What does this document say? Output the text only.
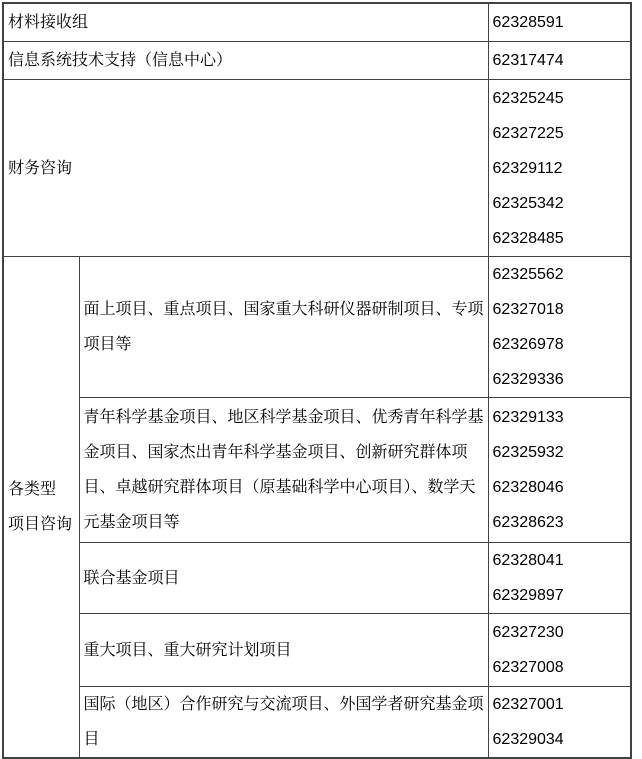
材料接收组		62328591

信息系统技术支持（信息中心）		62317474

财务咨询		62325245
62327225
62329112
62325342
62328485

各类型
项目咨询
	面上项目、重点项目、国家重大科研仪器研制项目、专项项目等	
62325562
62327018
62326978
62329336

	青年科学基金项目、地区科学基金项目、优秀青年科学基金项目、国家杰出青年科学基金项目、创新研究群体项目、卓越研究群体项目（原基础科学中心项目）、数学天元基金项目等	62329133
62325932
62328046
62328623

	联合基金项目	62328041
62329897

	重大项目、重大研究计划项目	62327230
62327008

	国际（地区）合作研究与交流项目、外国学者研究基金项目	62327001
62329034
